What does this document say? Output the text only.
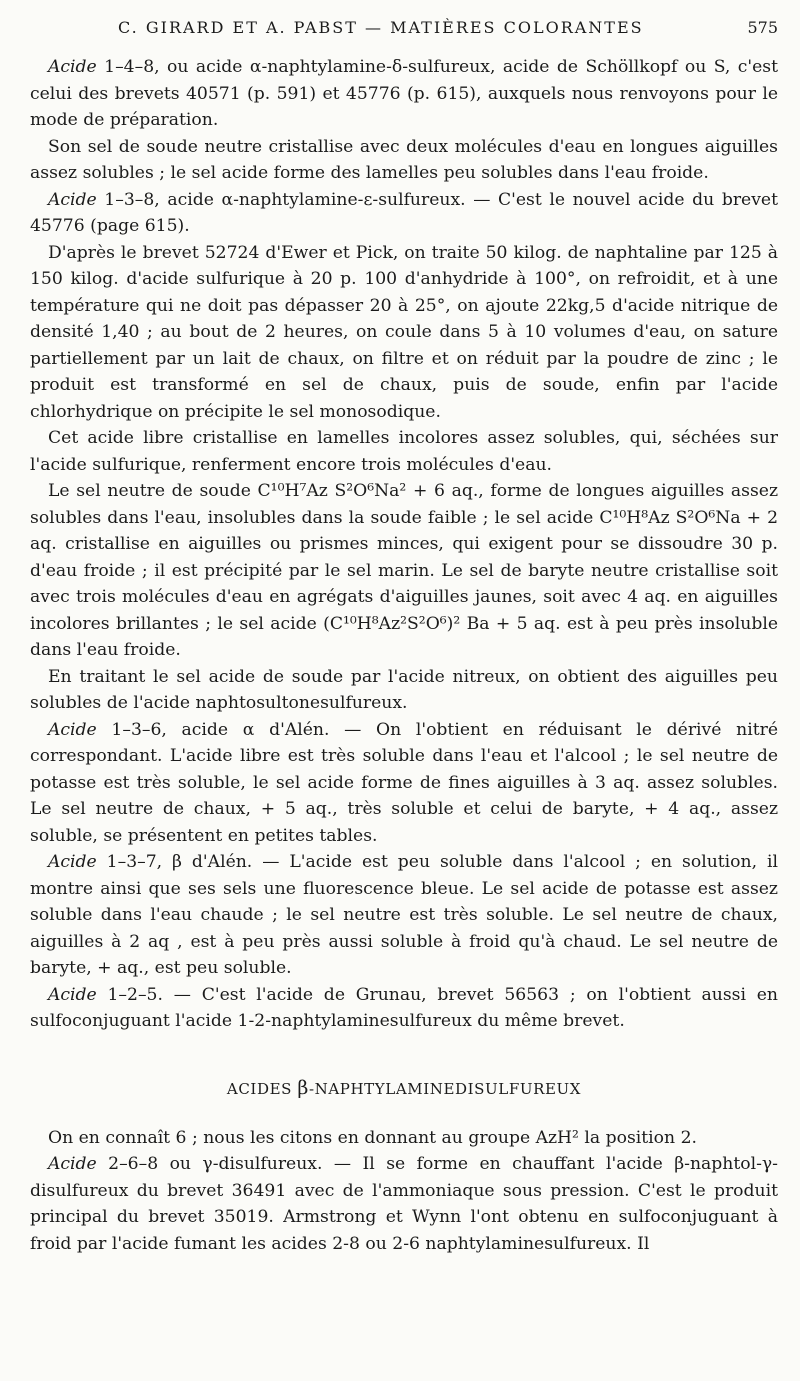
C. GIRARD ET A. PABST — MATIÈRES COLORANTES	575

Acide 1–4–8, ou acide α-naphtylamine-δ-sulfureux, acide de Schöllkopf ou S, c'est celui des brevets 40571 (p. 591) et 45776 (p. 615), auxquels nous renvoyons pour le mode de préparation.

Son sel de soude neutre cristallise avec deux molécules d'eau en longues aiguilles assez solubles ; le sel acide forme des lamelles peu solubles dans l'eau froide.

Acide 1–3–8, acide α-naphtylamine-ε-sulfureux. — C'est le nouvel acide du brevet 45776 (page 615).

D'après le brevet 52724 d'Ewer et Pick, on traite 50 kilog. de naphtaline par 125 à 150 kilog. d'acide sulfurique à 20 p. 100 d'anhydride à 100°, on refroidit, et à une température qui ne doit pas dépasser 20 à 25°, on ajoute 22kg,5 d'acide nitrique de densité 1,40 ; au bout de 2 heures, on coule dans 5 à 10 volumes d'eau, on sature partiellement par un lait de chaux, on filtre et on réduit par la poudre de zinc ; le produit est transformé en sel de chaux, puis de soude, enfin par l'acide chlorhydrique on précipite le sel monosodique.

Cet acide libre cristallise en lamelles incolores assez solubles, qui, séchées sur l'acide sulfurique, renferment encore trois molécules d'eau.

Le sel neutre de soude C¹⁰H⁷Az S²O⁶Na² + 6 aq., forme de longues aiguilles assez solubles dans l'eau, insolubles dans la soude faible ; le sel acide C¹⁰H⁸Az S²O⁶Na + 2 aq. cristallise en aiguilles ou prismes minces, qui exigent pour se dissoudre 30 p. d'eau froide ; il est précipité par le sel marin. Le sel de baryte neutre cristallise soit avec trois molécules d'eau en agrégats d'aiguilles jaunes, soit avec 4 aq. en aiguilles incolores brillantes ; le sel acide (C¹⁰H⁸Az²S²O⁶)² Ba + 5 aq. est à peu près insoluble dans l'eau froide.

En traitant le sel acide de soude par l'acide nitreux, on obtient des aiguilles peu solubles de l'acide naphtosultonesulfureux.

Acide 1–3–6, acide α d'Alén. — On l'obtient en réduisant le dérivé nitré correspondant. L'acide libre est très soluble dans l'eau et l'alcool ; le sel neutre de potasse est très soluble, le sel acide forme de fines aiguilles à 3 aq. assez solubles. Le sel neutre de chaux, + 5 aq., très soluble et celui de baryte, + 4 aq., assez soluble, se présentent en petites tables.

Acide 1–3–7, β d'Alén. — L'acide est peu soluble dans l'alcool ; en solution, il montre ainsi que ses sels une fluorescence bleue. Le sel acide de potasse est assez soluble dans l'eau chaude ; le sel neutre est très soluble. Le sel neutre de chaux, aiguilles à 2 aq , est à peu près aussi soluble à froid qu'à chaud. Le sel neutre de baryte, + aq., est peu soluble.

Acide 1–2–5. — C'est l'acide de Grunau, brevet 56563 ; on l'obtient aussi en sulfoconjuguant l'acide 1-2-naphtylaminesulfureux du même brevet.

ACIDES β-NAPHTYLAMINEDISULFUREUX

On en connaît 6 ; nous les citons en donnant au groupe AzH² la position 2.

Acide 2–6–8 ou γ-disulfureux. — Il se forme en chauffant l'acide β-naphtol-γ-disulfureux du brevet 36491 avec de l'ammoniaque sous pression. C'est le produit principal du brevet 35019. Armstrong et Wynn l'ont obtenu en sulfoconjuguant à froid par l'acide fumant les acides 2-8 ou 2-6 naphtylaminesulfureux. Il
